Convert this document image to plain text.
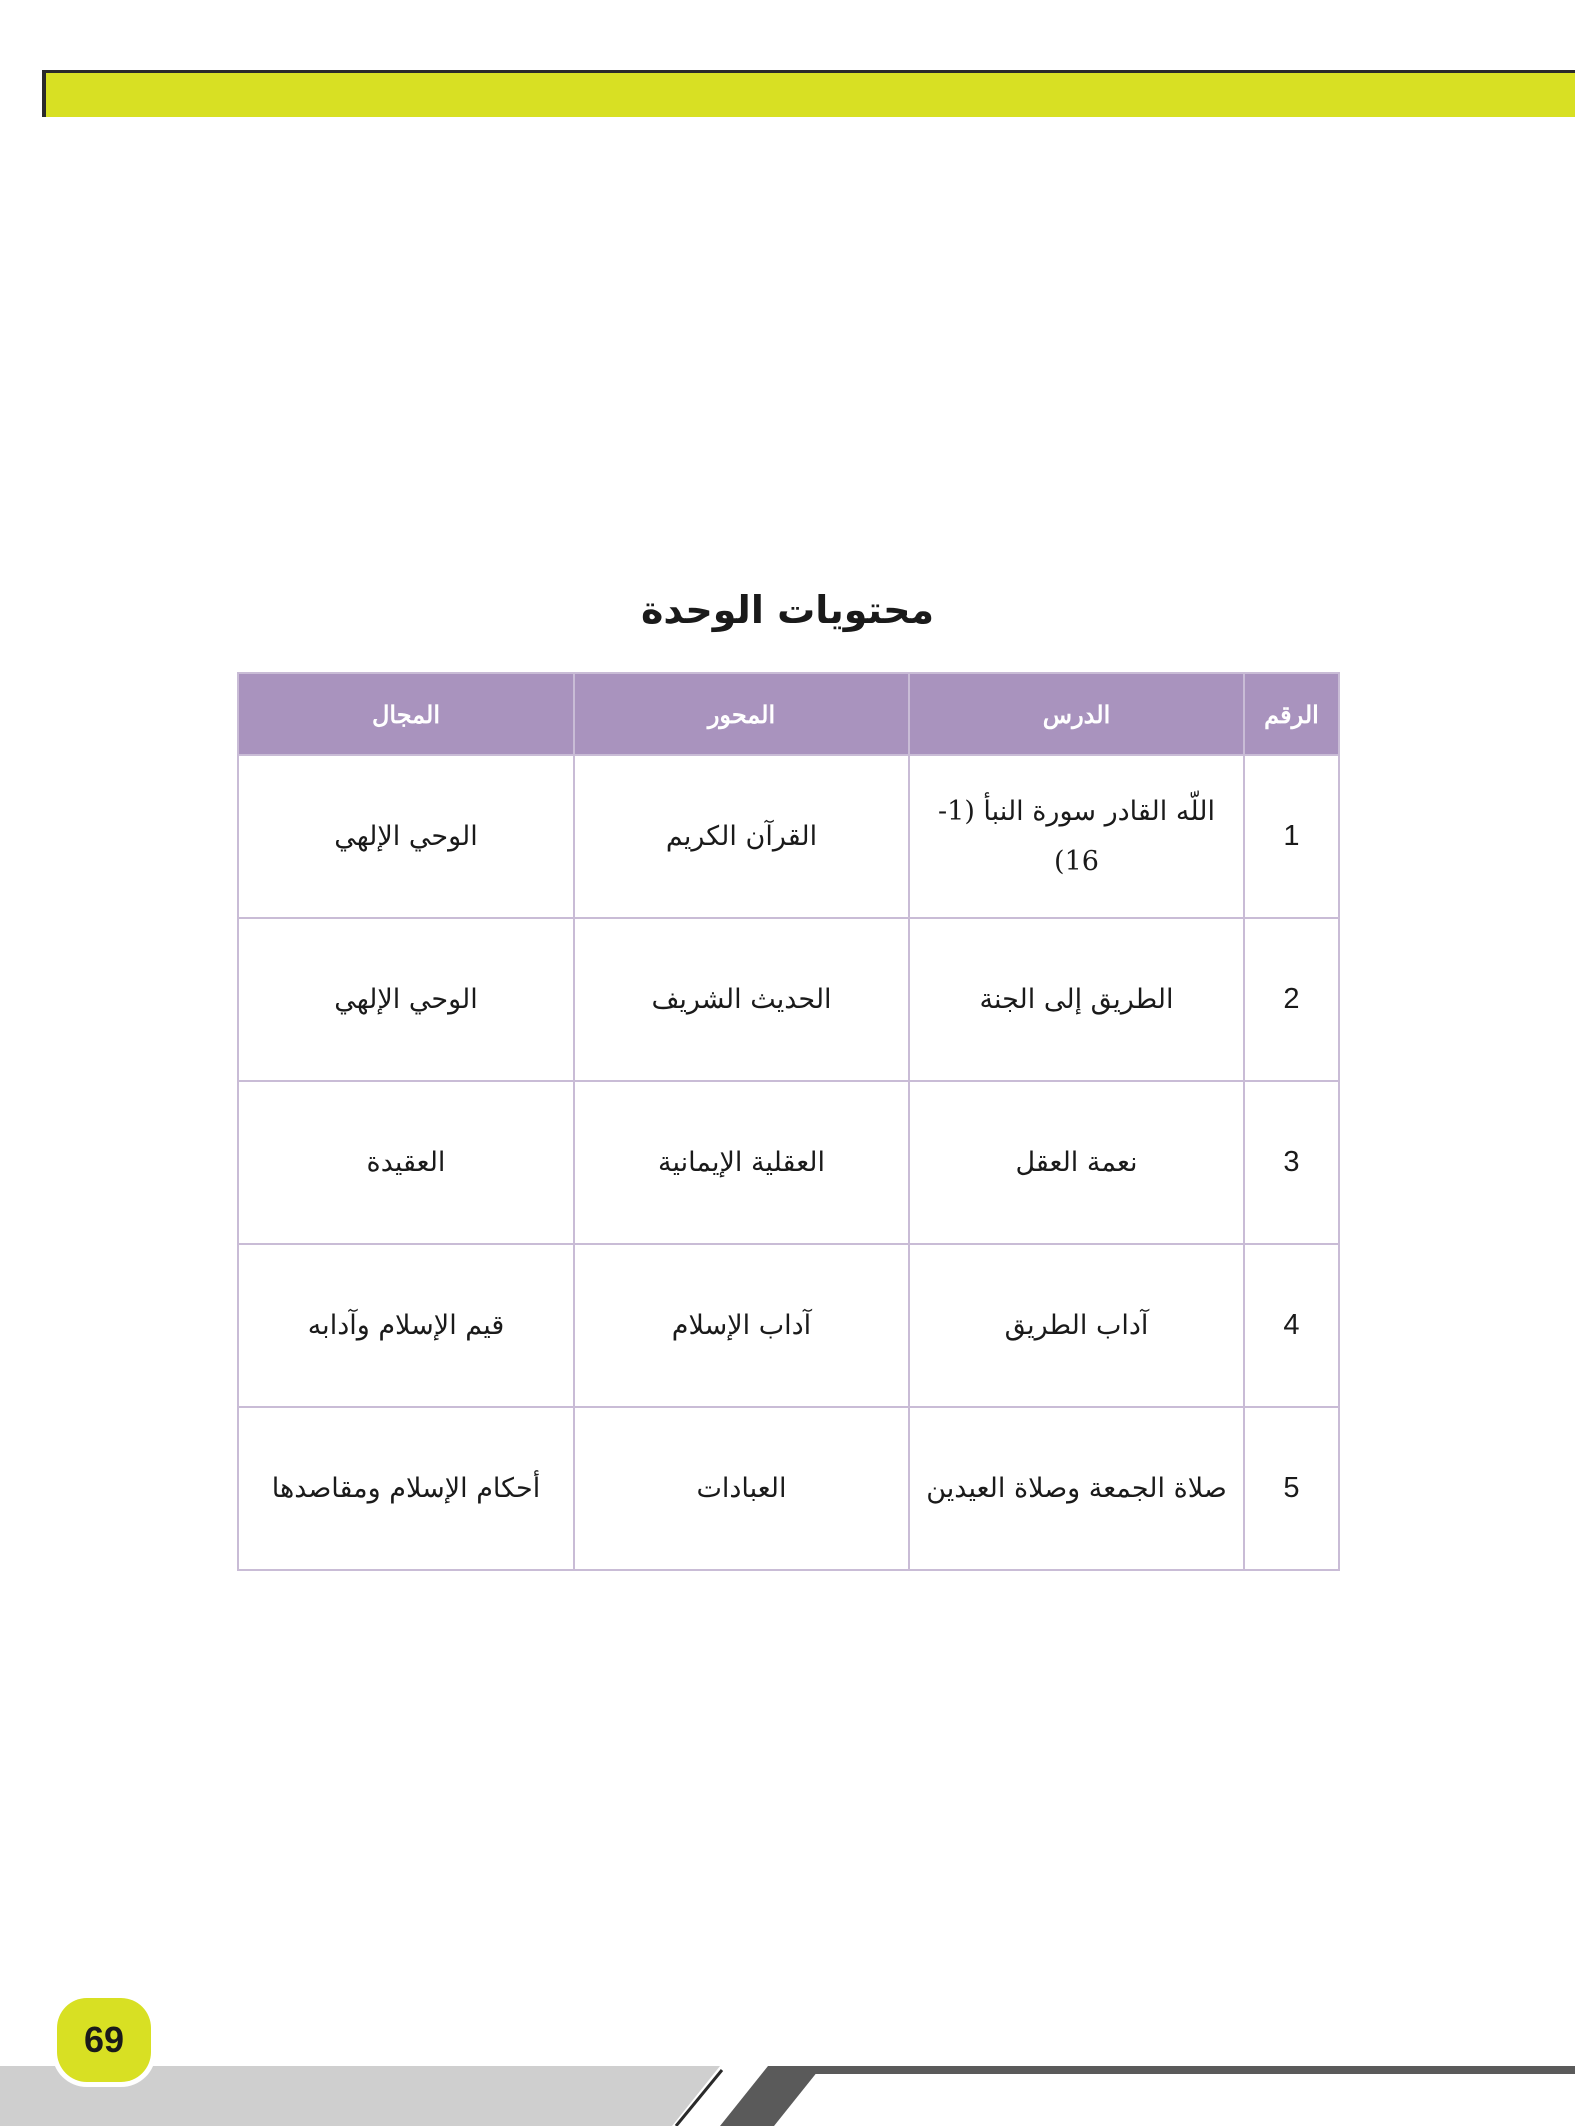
محتويات الوحدة
الرقم	الدرس	المحور	المجال
1	اللّه القادر سورة النبأ (1-16)	القرآن الكريم	الوحي الإلهي
2	الطريق إلى الجنة	الحديث الشريف	الوحي الإلهي
3	نعمة العقل	العقلية الإيمانية	العقيدة
4	آداب الطريق	آداب الإسلام	قيم الإسلام وآدابه
5	صلاة الجمعة وصلاة العيدين	العبادات	أحكام الإسلام ومقاصدها
69
